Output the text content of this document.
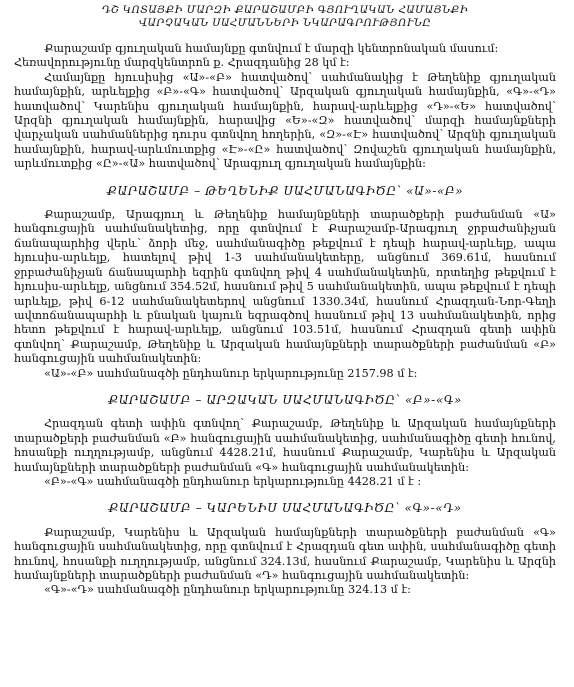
ԴՇ ԿՈՏԱՅՔԻ ՄԱՐԶԻ ՔԱՐԱՇԱՄԲԻ ԳՅՈՒՂԱԿԱՆ ՀԱՄԱՅՆՔԻ
ՎԱՐՉԱԿԱՆ ՍԱՀՄԱՆՆԵՐԻ ՆԿԱՐԱԳՐՈՒԹՅՈՒՆԸ

Քարաշամբ գյուղական համայնքը գտնվում է մարզի կենտրոնական մասում:

Հեռավորությունը մարզկենտրոն ք. Հրազդանից 28 կմ է:

Համայնքը հյուսիսից «Ա»-«Բ» հատվածով՝ սահմանակից է Թեղենիք գյուղական համայնքին, արևելքից «Բ»-«Գ» հատվածով՝ Արզական գյուղական համայնքին, «Գ»-«Դ» հատվածով՝ Կարենիս գյուղական համայնքին, հարավ-արևելքից «Դ»-«Ե» հատվածով՝ Արզնի գյուղական համայնքին, հարավից «Ե»-«Զ» հատվածով՝ մարզի համայնքների վարչական սահմաններից դուրս գտնվող հողերին, «Զ»-«Է» հատվածով՝ Արզնի գյուղական համայնքին, հարավ-արևմուտքից «Է»-«Ը» հատվածով՝ Զովաշեն գյուղական համայնքին, արևմուտքից «Ը»-«Ա» հատվածով՝ Արագյուղ գյուղական համայնքին:

ՔԱՐԱՇԱՄԲ – ԹԵՂԵՆԻՔ ՍԱՀՄԱՆԱԳԻԾԸ՝ «Ա»-«Բ»

Քարաշամբ, Արագյուղ և Թեղենիք համայնքների տարածքերի բաժանման «Ա» հանգուցային սահմանակետից, որը գտնվում է Քարաշամբ-Արագյուղ ջրբաժանիչյան ճանապարհից վերև՝ ձորի մեջ, սահմանագիծը թեքվում է դեպի հարավ-արևելք, ապա հյուսիս-արևելք, հատելով թիվ 1-3 սահմանակետերը, անցնում 369.61մ, հասնում ջրբաժանիչյան ճանապարհի եզրին գտնվող թիվ 4 սահմանակետին, որտեղից թեքվում է հյուսիս-արևելք, անցնում 354.52մ, հասնում թիվ 5 սահմանակետին, ապա թեքվում է դեպի արևելք, թիվ 6-12 սահմանակետերով անցնում 1330.34մ, հասնում Հրազդան-Նոր-Գեղի ավտոճանապարհի և բնական կայուն եզրագծով հասնում թիվ 13 սահմանակետին, որից հետո թեքվում է հարավ-արևելք, անցնում 103.51մ, հասնում Հրազդան գետի ափին գտնվող՝ Քարաշամբ, Թեղենիք և Արզական համայնքների տարածքների բաժանման «Բ» հանգուցային սահմանակետին:

«Ա»-«Բ» սահմանագծի ընդհանուր երկարությունը 2157.98 մ է:

ՔԱՐԱՇԱՄԲ – ԱՐԶԱԿԱՆ ՍԱՀՄԱՆԱԳԻԾԸ՝ «Բ»-«Գ»

Հրազդան գետի ափին գտնվող՝ Քարաշամբ, Թեղենիք և Արզական համայնքների տարածքերի բաժանման «Բ» հանգուցային սահմանակետից, սահմանագիծը գետի հունով, հոսանքի ուղղությամբ, անցնում 4428.21մ, հասնում Քարաշամբ, Կարենիս և Արզական համայնքների տարածքների բաժանման «Գ» հանգուցային սահմանակետին:

«Բ»-«Գ» սահմանագծի ընդհանուր երկարությունը 4428.21 մ է :

ՔԱՐԱՇԱՄԲ – ԿԱՐԵՆԻՍ ՍԱՀՄԱՆԱԳԻԾԸ՝ «Գ»-«Դ»

Քարաշամբ, Կարենիս և Արզական համայնքների տարածքների բաժանման «Գ» հանգուցային սահմանակետից, որը գտնվում է Հրազդան գետ ափին, սահմանագիծը գետի հունով, հոսանքի ուղղությամբ, անցնում 324.13մ, հասնում Քարաշամբ, Կարենիս և Արզնի համայնքների տարածքների բաժանման «Դ» հանգուցային սահմանակետին:

«Գ»-«Դ» սահմանագծի ընդհանուր երկարությունը 324.13 մ է:
